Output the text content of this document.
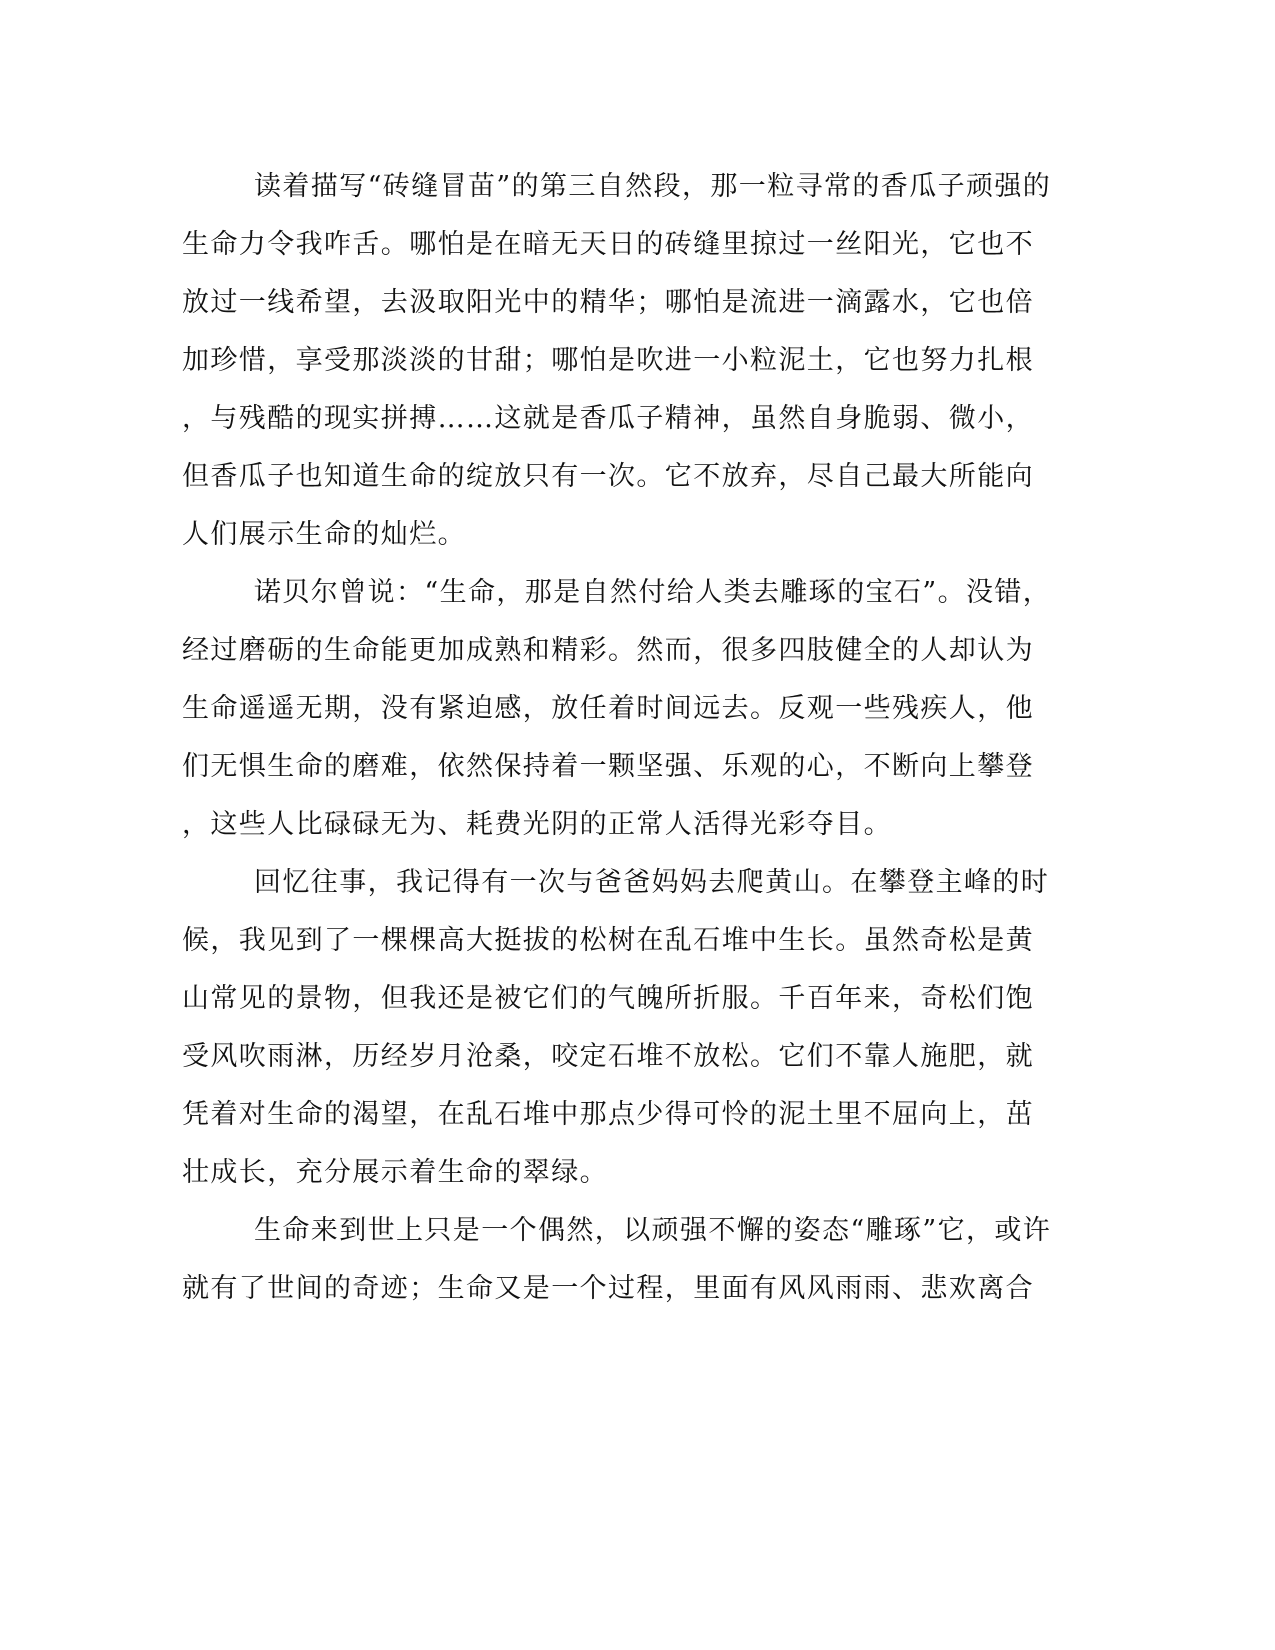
读着描写“砖缝冒苗”的第三自然段，那一粒寻常的香瓜子顽强的
生命力令我咋舌。哪怕是在暗无天日的砖缝里掠过一丝阳光，它也不
放过一线希望，去汲取阳光中的精华；哪怕是流进一滴露水，它也倍
加珍惜，享受那淡淡的甘甜；哪怕是吹进一小粒泥土，它也努力扎根
，与残酷的现实拼搏……这就是香瓜子精神，虽然自身脆弱、微小，
但香瓜子也知道生命的绽放只有一次。它不放弃，尽自己最大所能向
人们展示生命的灿烂。
诺贝尔曾说：“生命，那是自然付给人类去雕琢的宝石”。没错，
经过磨砺的生命能更加成熟和精彩。然而，很多四肢健全的人却认为
生命遥遥无期，没有紧迫感，放任着时间远去。反观一些残疾人，他
们无惧生命的磨难，依然保持着一颗坚强、乐观的心，不断向上攀登
，这些人比碌碌无为、耗费光阴的正常人活得光彩夺目。
回忆往事，我记得有一次与爸爸妈妈去爬黄山。在攀登主峰的时
候，我见到了一棵棵高大挺拔的松树在乱石堆中生长。虽然奇松是黄
山常见的景物，但我还是被它们的气魄所折服。千百年来，奇松们饱
受风吹雨淋，历经岁月沧桑，咬定石堆不放松。它们不靠人施肥，就
凭着对生命的渴望，在乱石堆中那点少得可怜的泥土里不屈向上，茁
壮成长，充分展示着生命的翠绿。
生命来到世上只是一个偶然，以顽强不懈的姿态“雕琢”它，或许
就有了世间的奇迹；生命又是一个过程，里面有风风雨雨、悲欢离合
